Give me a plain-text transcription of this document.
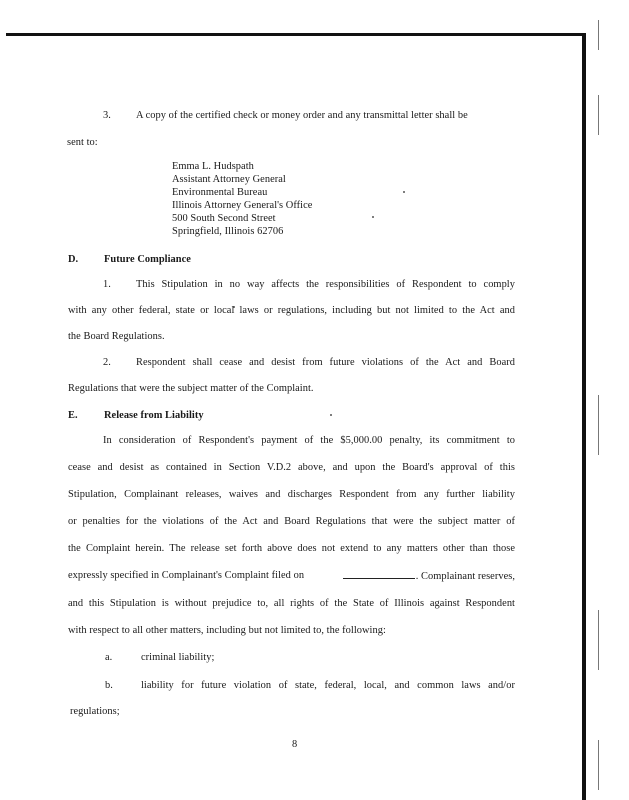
3. A copy of the certified check or money order and any transmittal letter shall be
sent to:
Emma L. Hudspath
Assistant Attorney General
Environmental Bureau
Illinois Attorney General's Office
500 South Second Street
Springfield, Illinois 62706
D. Future Compliance
1. This Stipulation in no way affects the responsibilities of Respondent to comply
with any other federal, state or local laws or regulations, including but not limited to the Act and
the Board Regulations.
2. Respondent shall cease and desist from future violations of the Act and Board
Regulations that were the subject matter of the Complaint.
E.	Release from Liability
In consideration of Respondent's payment of the $5,000.00 penalty, its commitment to
cease and desist as contained in Section V.D.2 above, and upon the Board's approval of this
Stipulation, Complainant releases, waives and discharges Respondent from any further liability
or penalties for the violations of the Act and Board Regulations that were the subject matter of
the Complaint herein. The release set forth above does not extend to any matters other than those
expressly specified in Complainant's Complaint filed on	. Complainant reserves,
and this Stipulation is without prejudice to, all rights of the State of Illinois against Respondent
with respect to all other matters, including but not limited to, the following:
a.	criminal liability;
b.	liability for future violation of state, federal, local, and common laws and/or
regulations;
8
